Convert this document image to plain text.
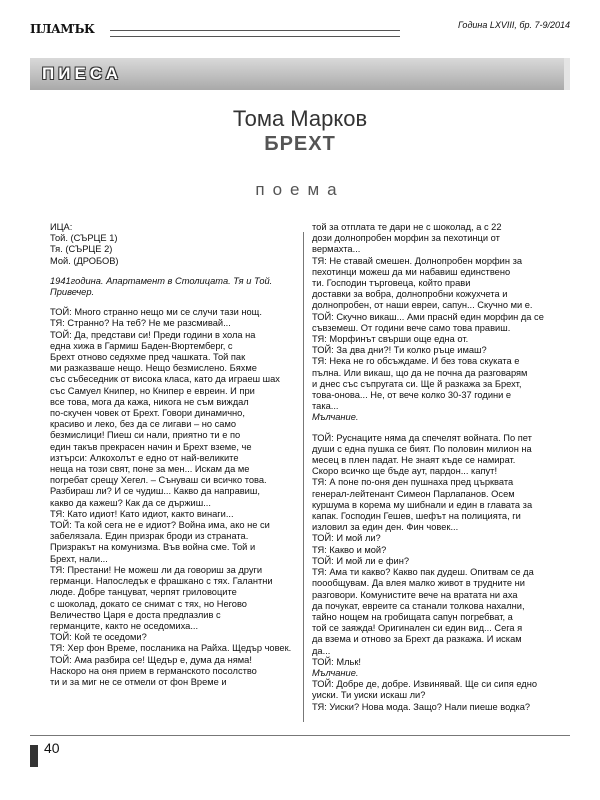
ПЛАМЪК	Година LXVIII, бр. 7-9/2014
ПИЕСА
Тома Марков
БРЕХТ
поема
ИЦА:
Той. (СЪРЦЕ 1)
Тя. (СЪРЦЕ 2)
Мой. (ДРОБОВ)
1941година. Апартамент в Столицата. Тя и Той.
Привечер.
ТОЙ: Много странно нещо ми се случи тази нощ.
ТЯ: Странно? На теб? Не ме разсмивай...
ТОЙ: Да, представи си! Преди години в хола на
една хижа в Гармиш Баден-Вюртемберг, с
Брехт отново седяхме пред чашката. Той пак
ми разказваше нещо. Нещо безмислено. Бяхме
със събеседник от висока класа, като да играеш шах
със Самуел Книпер, но Книпер е евреин. И при
все това, мога да кажа, никога не съм виждал
по-скучен човек от Брехт. Говори динамично,
красиво и леко, без да се лигави – но само
безмислици! Пиеш си нали, приятно ти е по
един такъв прекрасен начин и Брехт вземе, че
изтърси: Алкохолът е едно от най-великите
неща на този свят, поне за мен... Искам да ме
погребат срещу Хегел. – Сънуваш си всичко това.
Разбираш ли? И се чудиш... Какво да направиш,
какво да кажеш? Как да се държиш...
ТЯ: Като идиот! Като идиот, както винаги...
ТОЙ: Та кой сега не е идиот? Война има, ако не си
забелязала. Един призрак броди из страната.
Призракът на комунизма. Във война сме. Той и
Брехт, нали...
ТЯ: Престани! Не можеш ли да говориш за други
германци. Напоследък е фрашкано с тях. Галантни
люде. Добре танцуват, черпят гриловоците
с шоколад, докато се снимат с тях, но Негово
Величество Царя е доста предпазлив с
германците, както не оседомиха...
ТОЙ: Кой те оседоми?
ТЯ: Хер фон Време, посланика на Райха. Щедър човек.
ТОЙ: Ама разбира се! Щедър е, дума да няма!
Наскоро на оня прием в германското посолство
ти и за миг не се отмели от фон Време и
той за отплата те дари не с шоколад, а с 22
дози долнопробен морфин за пехотинци от
вермахта...
ТЯ: Не ставай смешен. Долнопробен морфин за
пехотинци можеш да ми набавиш единствено
ти. Господин търговеца, който прави
доставки за вобра, долнопробни кожухчета и
долнопробен, от наши евреи, сапун... Скучно ми е.
ТОЙ: Скучно викаш... Ами праснй един морфин да се
съвземеш. От години вече само това правиш.
ТЯ: Морфинът свърши още една от.
ТОЙ: За два дни?! Ти колко ръце имаш?
ТЯ: Нека не го обсъждаме. И без това скуката е
пълна. Или викаш, що да не почна да разговарям
и днес със съпругата си. Ще й разкажа за Брехт,
това-онова... Не, от вече колко 30-37 години е
така...
Мълчание.
ТОЙ: Руснаците няма да спечелят войната. По пет
души с една пушка се бият. По половин милион на
месец в плен падат. Не знаят къде се намират.
Скоро всичко ще бъде аут, пардон... капут!
ТЯ: А поне по-оня ден пушнаха пред църквата
генерал-лейтенант Симеон Парлапанов. Осем
куршума в корема му шибнали и един в главата за
капак. Господин Гешев, шефът на полицията, ги
изловил за един ден. Фин човек...
ТОЙ: И мой ли?
ТЯ: Какво и мой?
ТОЙ: И мой ли е фин?
ТЯ: Ама ти какво? Какво пак дудеш. Опитвам се да
поообщувам. Да влея малко живот в трудните ни
разговори. Комунистите вече на вратата ни аха
да почукат, евреите са станали толкова нахални,
тайно нощем на гробищата сапун погребват, а
той се заяжда! Оригинален си един вид... Сега я
да взема и отново за Брехт да разкажа. И искам
да...
ТОЙ: Мльк!
Мълчание.
ТОЙ: Добре де, добре. Извинявай. Ще си сипя едно
уиски. Ти уиски искаш ли?
ТЯ: Уиски? Нова мода. Защо? Нали пиеше водка?
40
